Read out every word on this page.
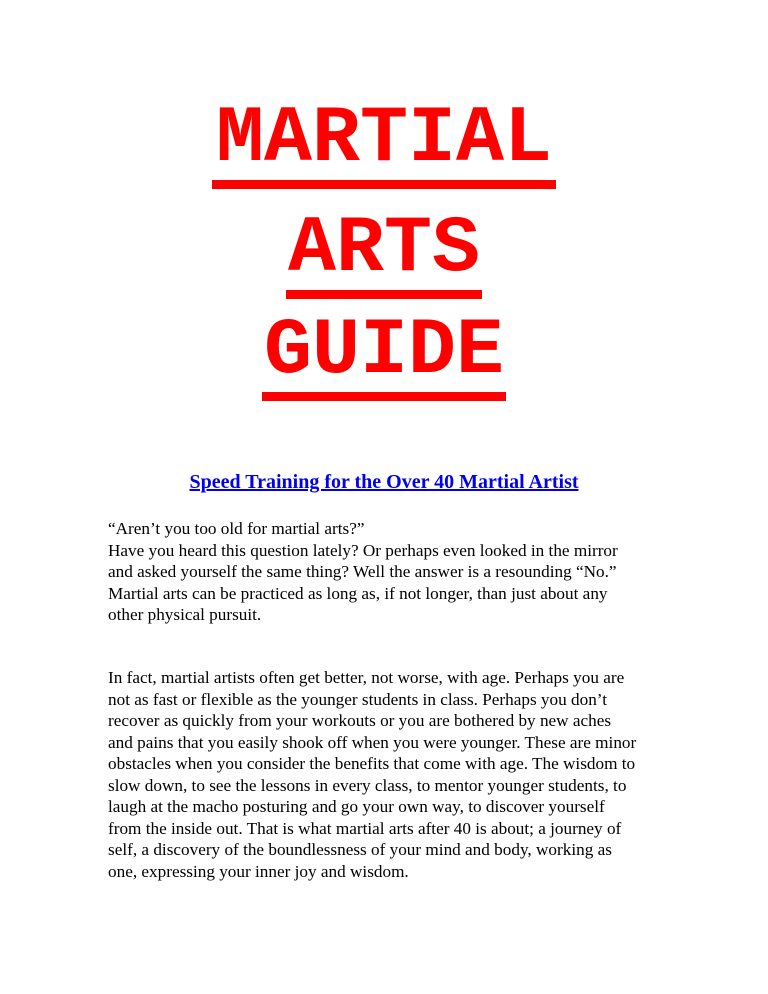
MARTIAL
ARTS
GUIDE
Speed Training for the Over 40 Martial Artist
“Aren’t you too old for martial arts?”
Have you heard this question lately? Or perhaps even looked in the mirror
and asked yourself the same thing? Well the answer is a resounding “No.”
Martial arts can be practiced as long as, if not longer, than just about any
other physical pursuit.
In fact, martial artists often get better, not worse, with age. Perhaps you are
not as fast or flexible as the younger students in class. Perhaps you don’t
recover as quickly from your workouts or you are bothered by new aches
and pains that you easily shook off when you were younger. These are minor
obstacles when you consider the benefits that come with age. The wisdom to
slow down, to see the lessons in every class, to mentor younger students, to
laugh at the macho posturing and go your own way, to discover yourself
from the inside out. That is what martial arts after 40 is about; a journey of
self, a discovery of the boundlessness of your mind and body, working as
one, expressing your inner joy and wisdom.
